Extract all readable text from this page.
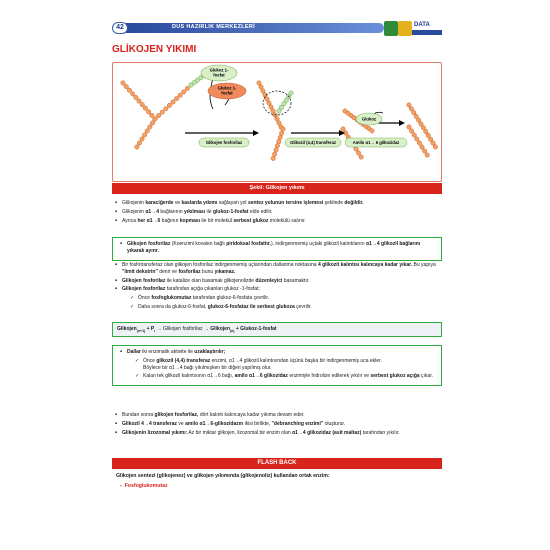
42	DUS HAZIRLIK MERKEZLERİ	DATA
GLİKOJEN YIKIMI
Glukoz 1-
fosfat
Glukoz 1-
fosfat
Glukoz
Glikojen fosforilaz	Glikozil (4,4) transferaz	Amilo α1→ 6 glikozidaz
Şekil: Glikojen yıkımı
▪ Glikojenin karaciğerde ve kaslarda yıkımı sağlayan yol sentez yolunun tersine işlemesi şeklinde değildir.
▪ Glikojenin α1→4 bağlarının yıkılması ile glukoz-1-fosfat elde edilir.
▪ Ayrıca her α1→6 bağının kopması ile bir molekül serbest glukoz molekülü salınır.
▪ Glikojen fosforilaz (Koenzimi kovalen bağlı piridoksal fosfattır.), indirgenmemiş uçtaki glikozil kalıntılarını α1→4 glikozil bağlarını yıkarak ayırır.
▪ Bir fosfotransferaz olan glikojen fosforilaz indirgenmemiş uçlarından dallanma noktasına 4 glikozit kalıntısı kalıncaya kadar yıkar. Bu yapıya "limit dekstrin" denir ve fosforilaz bunu yıkamaz.
▪ Glikojen fosforilaz ile katalize olan basamak glikojenolizde düzenleyici basamaktır.
▪ Glikojen fosforilaz tarafından açığa çıkanlan glukoz -1-fosfat;
✓ Önce fosfoglukomutaz tarafından glukoz-6-fosfata çevrilir.
✓ Daha sonra da glukoz-6-fosfat, glukoz-6-fosfataz ile serbest glukoza çevrilir.
Glikojen$_{(n+1)}$ + $P_i$ → Glikojen fosforilaz → Glikojen$_{(n)}$ + Glukoz-1-fosfat
▪ Dallar iki enzimatik aktivite ile uzaklaştırılır;
✓ Önce glikozil (4,4) transferaz enzimi, α1→4 glikozil kalıntısından üçünü başka bir indirgenmemiş uca ekler.
Böylece bir α1→4 bağı yıkılmışken bir diğeri yapılmış olur.
✓ Kalan tek glikozil kalıntısının α1→6 bağı, amilo α1→6 glikozidaz enzimiyle hidrolize edilerek yıkılır ve serbest glukoz açığa çıkar.
▪ Bundan sonra glikojen fosforilaz, dört kalıntı kalıncaya kadar yıkıma devam eder.
▪ Glikozil 4→4 transferaz ve amilo α1→6-glikozidazın ikisi birlikte, "debranching enzimi" oluşturur.
▪ Glikojenin lizozomal yıkımı: Az bir miktar glikojen, lizozomal bir enzim olan α1→4 glikozidaz (asit maltaz) tarafından yıkılır.
FLASH BACK
Glikojen sentezi (glikojenez) ve glikojen yıkımında (glikojenoliz) kullanılan ortak enzim:
- Fosfoglukomutaz
